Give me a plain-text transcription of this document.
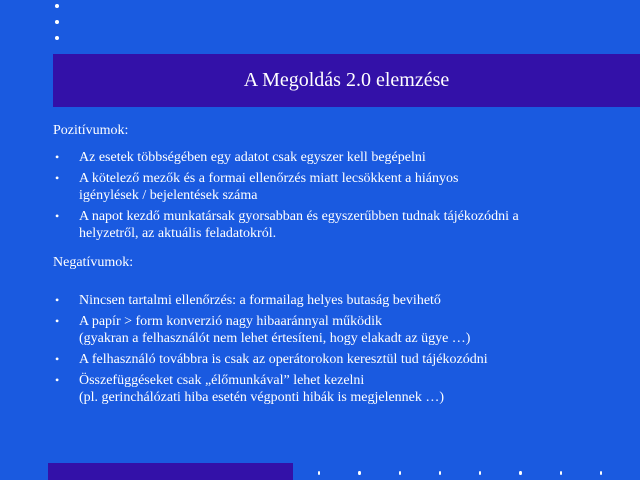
A Megoldás 2.0 elemzése

Pozitívumok:

• Az esetek többségében egy adatot csak egyszer kell begépelni
• A kötelező mezők és a formai ellenőrzés miatt lecsökkent a hiányos
igénylések / bejelentések száma
• A napot kezdő munkatársak gyorsabban és egyszerűbben tudnak tájékozódni a
helyzetről, az aktuális feladatokról.

Negatívumok:

• Nincsen tartalmi ellenőrzés: a formailag helyes butaság bevihető
• A papír > form konverzió nagy hibaaránnyal működik
(gyakran a felhasználót nem lehet értesíteni, hogy elakadt az ügye …)
• A felhasználó továbbra is csak az operátorokon keresztül tud tájékozódni
• Összefüggéseket csak „élőmunkával” lehet kezelni
(pl. gerinchálózati hiba esetén végponti hibák is megjelennek …)
